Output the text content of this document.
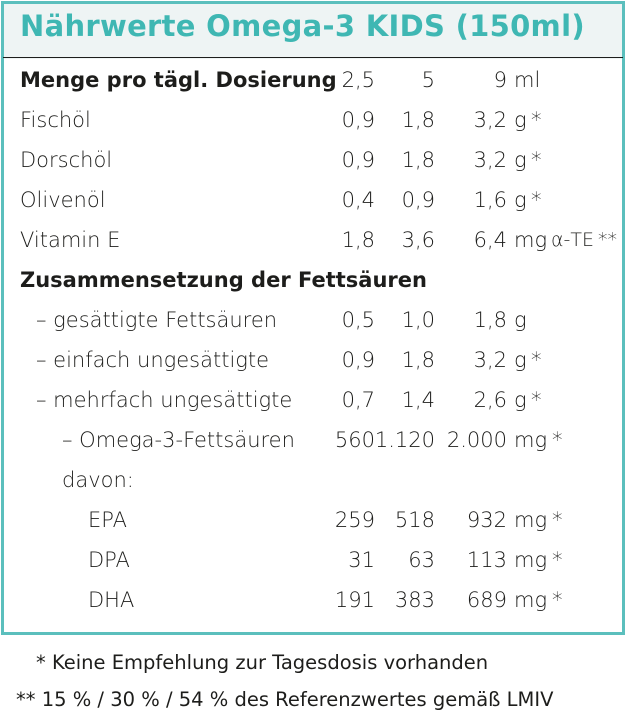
Nährwerte Omega-3 KIDS (150ml)
Menge pro tägl. Dosierung 2,5 5	9 ml
Fischöl	0,9 1,8 3,2 g *
Dorschöl	0,9 1,8 3,2 g *
Olivenöl	0,4 0,9 1,6 g *
Vitamin E	1,8 3,6 6,4 mg α-TE **
Zusammensetzung der Fettsäuren
– gesättigte Fettsäuren	0,5 1,0 1,8 g
– einfach ungesättigte	0,9 1,8 3,2 g *
– mehrfach ungesättigte 0,7 1,4 2,6 g *
– Omega-3-Fettsäuren 560 1.120 2.000 mg *
davon:
EPA	259 518 932 mg *
DPA	31 63 113 mg *
DHA	191 383 689 mg *
* Keine Empfehlung zur Tagesdosis vorhanden
** 15 % / 30 % / 54 % des Referenzwertes gemäß LMIV
